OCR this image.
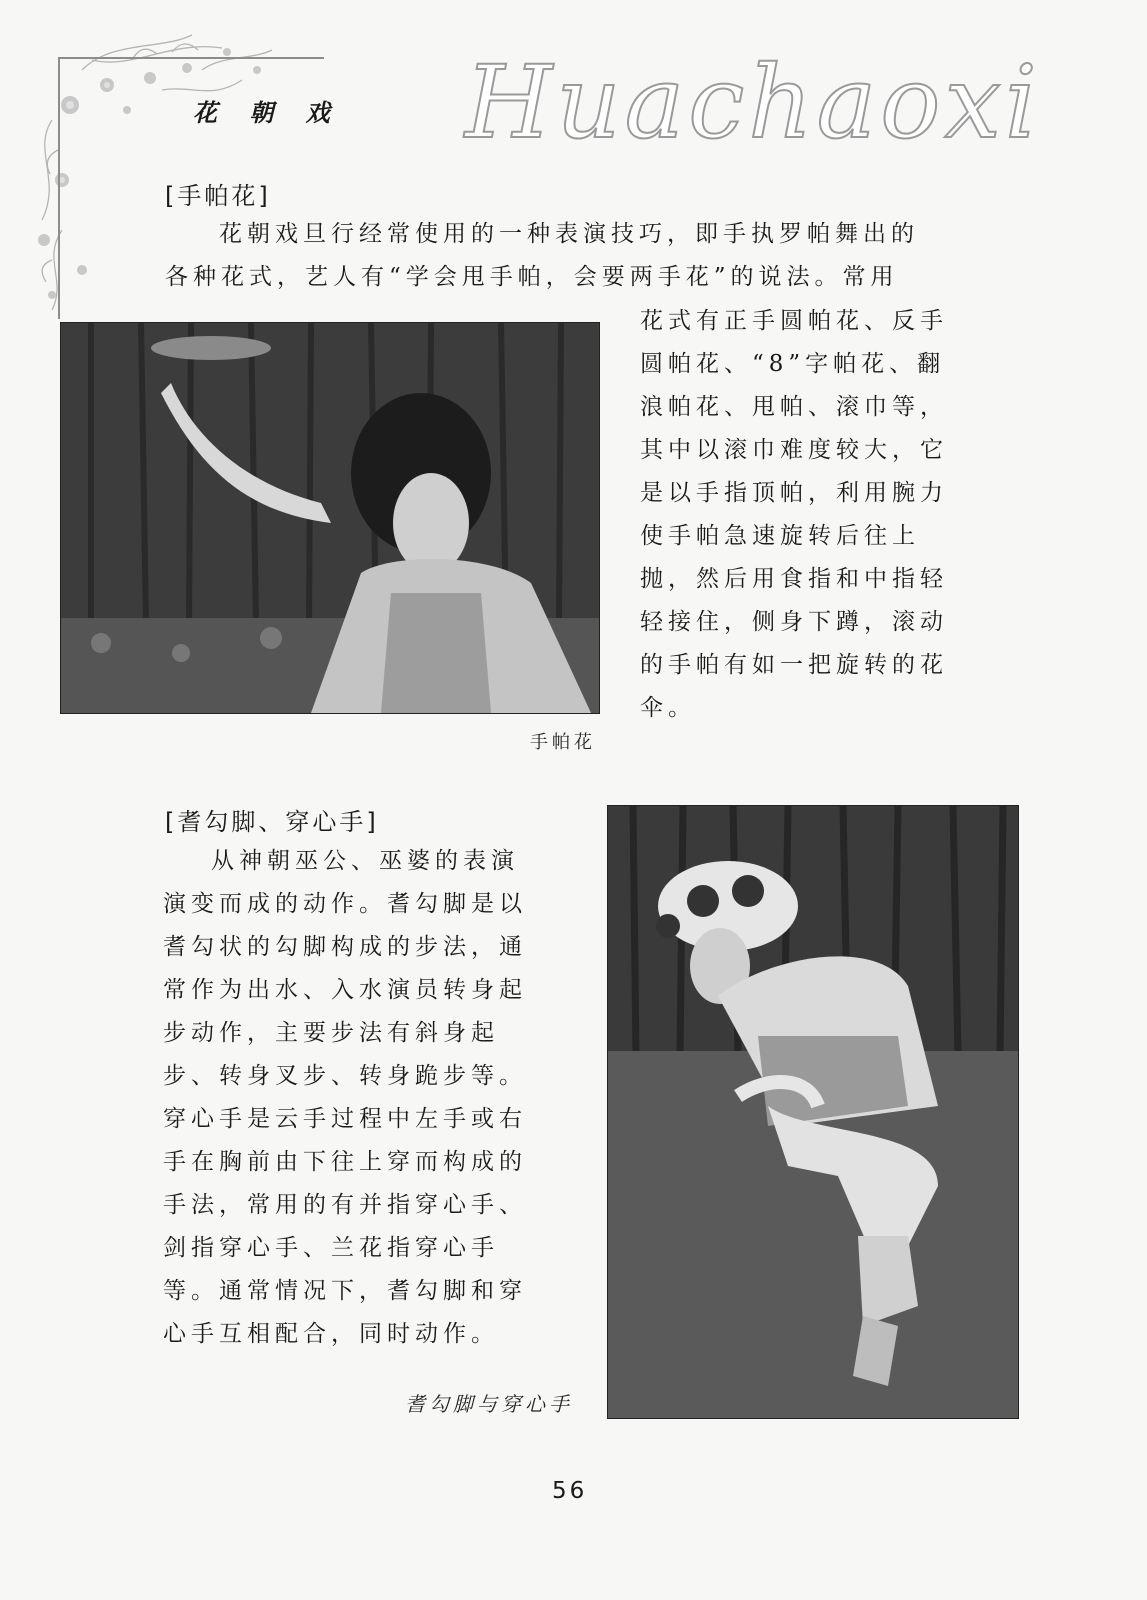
花 朝 戏 Huachaoxi
[手帕花]
花朝戏旦行经常使用的一种表演技巧，即手执罗帕舞出的
各种花式，艺人有“学会甩手帕，会要两手花”的说法。常用
花式有正手圆帕花、反手
圆帕花、“8”字帕花、翻
浪帕花、甩帕、滚巾等，
其中以滚巾难度较大，它
是以手指顶帕，利用腕力
使手帕急速旋转后往上
抛，然后用食指和中指轻
轻接住，侧身下蹲，滚动
的手帕有如一把旋转的花
伞。
手帕花
[耆勾脚、穿心手]
从神朝巫公、巫婆的表演
演变而成的动作。耆勾脚是以
耆勾状的勾脚构成的步法，通
常作为出水、入水演员转身起
步动作，主要步法有斜身起
步、转身叉步、转身跪步等。
穿心手是云手过程中左手或右
手在胸前由下往上穿而构成的
手法，常用的有并指穿心手、
剑指穿心手、兰花指穿心手
等。通常情况下，耆勾脚和穿
心手互相配合，同时动作。
耆勾脚与穿心手
56
